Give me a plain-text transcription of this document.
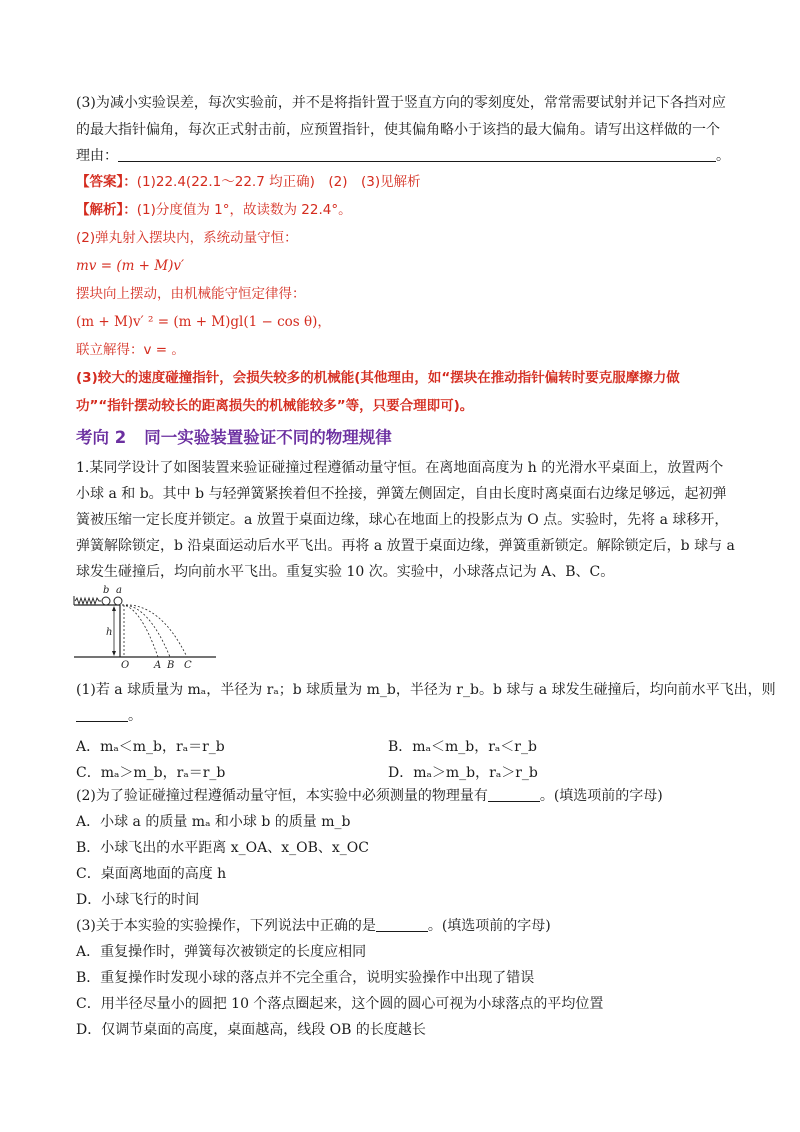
(3)为减小实验误差，每次实验前，并不是将指针置于竖直方向的零刻度处，常常需要试射并记下各挡对应
的最大指针偏角，每次正式射击前，应预置指针，使其偏角略小于该挡的最大偏角。请写出这样做的一个
理由：	。
【答案】：(1)22.4(22.1～22.7 均正确)　(2)　(3)见解析
【解析】：(1)分度值为 1°，故读数为 22.4°。
(2)弹丸射入摆块内，系统动量守恒：
mv = (m + M)v′
摆块向上摆动，由机械能守恒定律得：
(m + M)v′ ² = (m + M)gl(1 − cos θ)，
联立解得：v = 。
(3)较大的速度碰撞指针，会损失较多的机械能(其他理由，如“摆块在推动指针偏转时要克服摩擦力做
功”“指针摆动较长的距离损失的机械能较多”等，只要合理即可)。
考向 2 同一实验装置验证不同的物理规律
1.某同学设计了如图装置来验证碰撞过程遵循动量守恒。在离地面高度为 h 的光滑水平桌面上，放置两个
小球 a 和 b。其中 b 与轻弹簧紧挨着但不拴接，弹簧左侧固定，自由长度时离桌面右边缘足够远，起初弹
簧被压缩一定长度并锁定。a 放置于桌面边缘，球心在地面上的投影点为 O 点。实验时，先将 a 球移开，
弹簧解除锁定，b 沿桌面运动后水平飞出。再将 a 放置于桌面边缘，弹簧重新锁定。解除锁定后，b 球与 a
球发生碰撞后，均向前水平飞出。重复实验 10 次。实验中，小球落点记为 A、B、C。
b a
h
O A B C
(1)若 a 球质量为 mₐ，半径为 rₐ；b 球质量为 m_b，半径为 r_b。b 球与 a 球发生碰撞后，均向前水平飞出，则
。
A．mₐ＜m_b，rₐ＝r_b	B．mₐ＜m_b，rₐ＜r_b
C．mₐ＞m_b，rₐ＝r_b	D．mₐ＞m_b，rₐ＞r_b
(2)为了验证碰撞过程遵循动量守恒，本实验中必须测量的物理量有	。(填选项前的字母)
A．小球 a 的质量 mₐ 和小球 b 的质量 m_b
B．小球飞出的水平距离 x_OA、x_OB、x_OC
C．桌面离地面的高度 h
D．小球飞行的时间
(3)关于本实验的实验操作，下列说法中正确的是	。(填选项前的字母)
A．重复操作时，弹簧每次被锁定的长度应相同
B．重复操作时发现小球的落点并不完全重合，说明实验操作中出现了错误
C．用半径尽量小的圆把 10 个落点圈起来，这个圆的圆心可视为小球落点的平均位置
D．仅调节桌面的高度，桌面越高，线段 OB 的长度越长
